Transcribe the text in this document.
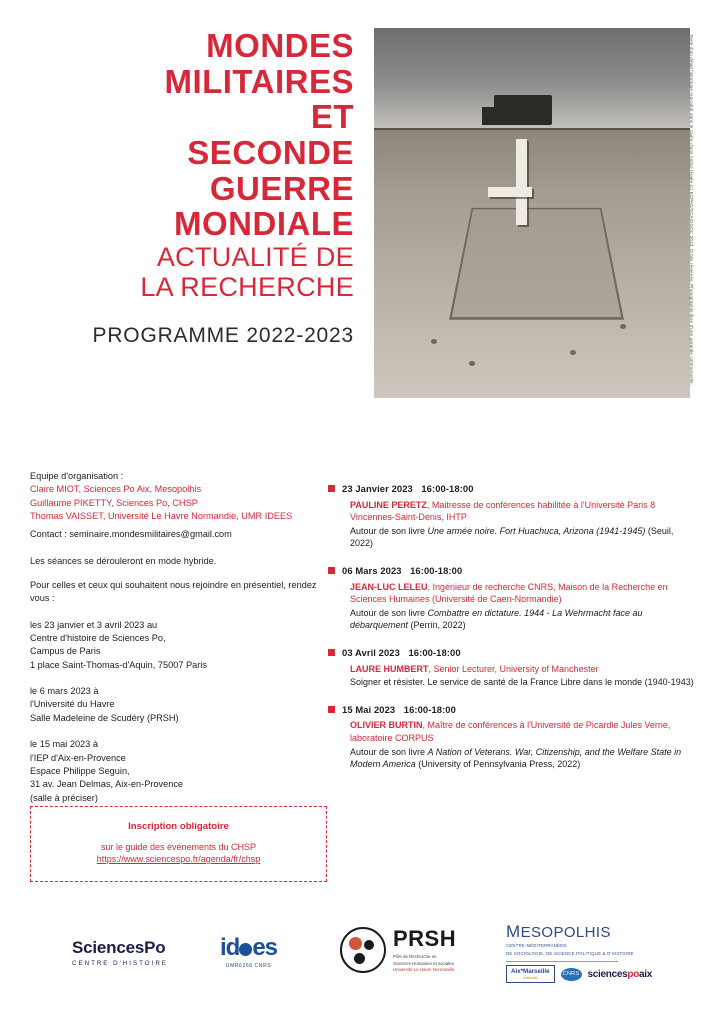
MONDES
MILITAIRES
ET
SECONDE
GUERRE
MONDIALE
ACTUALITÉ DE
LA RECHERCHE
PROGRAMME 2022-2023	Texte d'un détail historique reproduit dans le cadre d'une notice légale (c) ECPAD/SCA/DGOC 2013, Droits réservés. Photographie libre d'une garantie contractuelle.
Equipe d'organisation :
Claire MIOT, Sciences Po Aix, Mesopolhis
Guillaume PIKETTY, Sciences Po, CHSP
Thomas VAISSET, Université Le Havre Normandie, UMR IDEES
Contact : seminaire.mondesmilitaires@gmail.com
Les séances se dérouleront en mode hybride.
Pour celles et ceux qui souhaitent nous rejoindre en présentiel, rendez vous :
les 23 janvier et 3 avril 2023 au
Centre d'histoire de Sciences Po,
Campus de Paris
1 place Saint-Thomas-d'Aquin, 75007 Paris
le 6 mars 2023 à
l'Université du Havre
Salle Madeleine de Scudéry (PRSH)
le 15 mai 2023 à
l'IEP d'Aix-en-Provence
Espace Philippe Seguin,
31 av. Jean Delmas, Aix-en-Provence
(salle à préciser)
23 Janvier 2023 16:00-18:00
PAULINE PERETZ, Maitresse de conférences habilitée à l'Université Paris 8 Vincennes-Saint-Denis, IHTP
Autour de son livre Une armée noire. Fort Huachuca, Arizona (1941-1945) (Seuil, 2022)
06 Mars 2023 16:00-18:00
JEAN-LUC LELEU, Ingénieur de recherche CNRS, Maison de la Recherche en Sciences Humaines (Université de Caen-Normandie)
Autour de son livre Combattre en dictature. 1944 - La Wehrmacht face au débarquement (Perrin, 2022)
03 Avril 2023 16:00-18:00
LAURE HUMBERT, Senior Lecturer, University of Manchester
Soigner et résister. Le service de santé de la France Libre dans le monde (1940-1943)
15 Mai 2023 16:00-18:00
OLIVIER BURTIN, Maître de conférences à l'Université de Picardie Jules Verne, laboratoire CORPUS
Autour de son livre A Nation of Veterans. War, Citizenship, and the Welfare State in Modern America (University of Pennsylvania Press, 2022)
Inscription obligatoire
sur le guide des événements du CHSP
https://www.sciencespo.fr/agenda/fr/chsp
SciencesPo
CENTRE D'HISTOIRE
id es
UMR6266 CNRS
PRSH
Pôle de Recherche en
Sciences Humaines et sociales
Université Le Havre Normandie
MESOPOLHIS
CENTRE MÉDITERRANÉEN
DE SOCIOLOGIE, DE SCIENCE POLITIQUE & D'HISTOIRE
Aix*Marseille
université
CNRS sciencespoaix
